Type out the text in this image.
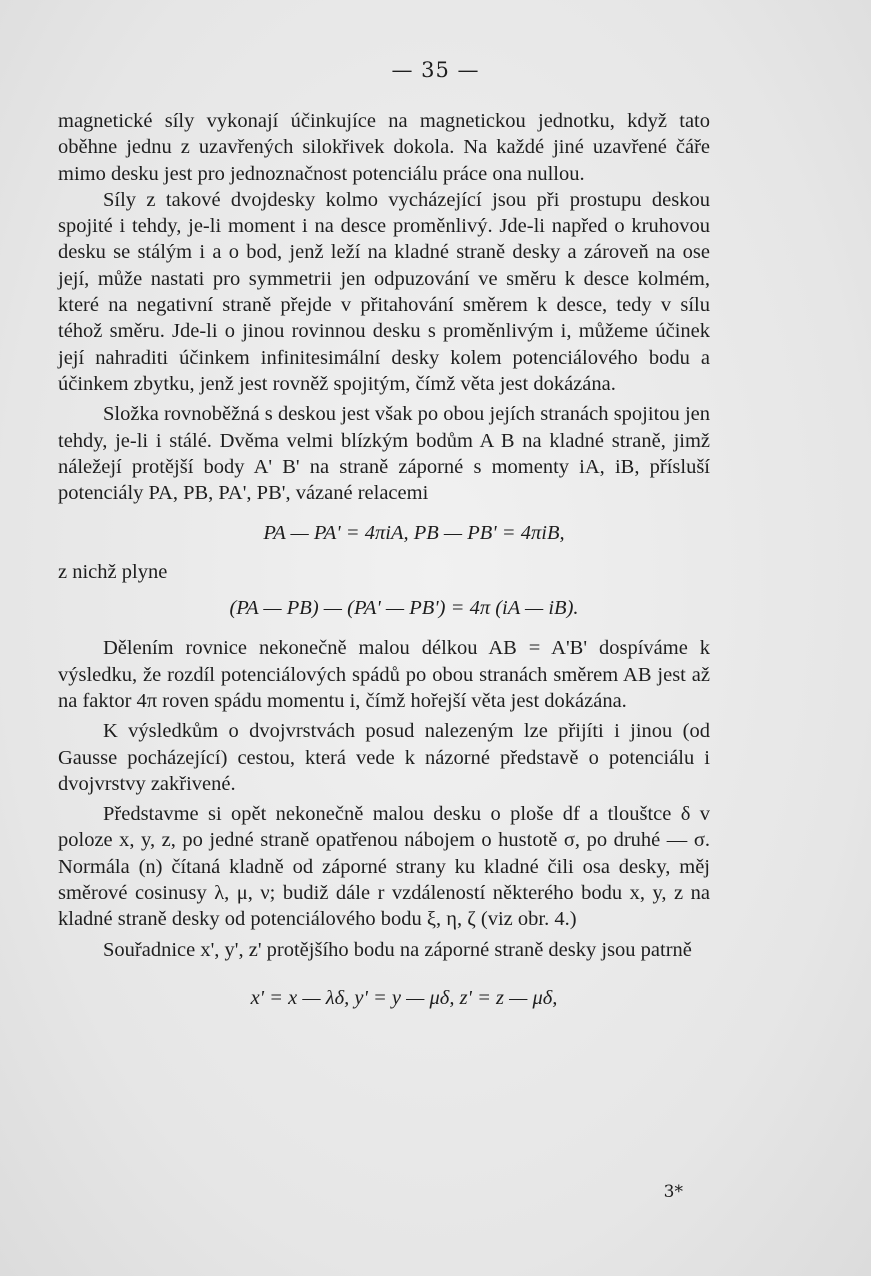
— 35 —

magnetické síly vykonají účinkujíce na magnetickou jednotku, když tato oběhne jednu z uzavřených silokřivek dokola. Na každé jiné uzavřené čáře mimo desku jest pro jednoznačnost potenciálu práce ona nullou.

Síly z takové dvojdesky kolmo vycházející jsou při prostupu deskou spojité i tehdy, je-li moment i na desce proměnlivý. Jde-li napřed o kruhovou desku se stálým i a o bod, jenž leží na kladné straně desky a zároveň na ose její, může nastati pro symmetrii jen odpuzování ve směru k desce kolmém, které na negativní straně přejde v přitahování směrem k desce, tedy v sílu téhož směru. Jde-li o jinou rovinnou desku s proměnlivým i, můžeme účinek její nahraditi účinkem infinitesimální desky kolem potenciálového bodu a účinkem zbytku, jenž jest rovněž spojitým, čímž věta jest dokázána.

Složka rovnoběžná s deskou jest však po obou jejích stranách spojitou jen tehdy, je-li i stálé. Dvěma velmi blízkým bodům A B na kladné straně, jimž náležejí protější body A' B' na straně záporné s momenty iA, iB, přísluší potenciály PA, PB, PA', PB', vázané relacemi

PA — PA' = 4πiA, PB — PB' = 4πiB,

z nichž plyne

(PA — PB) — (PA' — PB') = 4π (iA — iB).

Dělením rovnice nekonečně malou délkou AB = A'B' dospíváme k výsledku, že rozdíl potenciálových spádů po obou stranách směrem AB jest až na faktor 4π roven spádu momentu i, čímž hořejší věta jest dokázána.

K výsledkům o dvojvrstvách posud nalezeným lze přijíti i jinou (od Gausse pocházející) cestou, která vede k názorné představě o potenciálu i dvojvrstvy zakřivené.

Představme si opět nekonečně malou desku o ploše df a tlouštce δ v poloze x, y, z, po jedné straně opatřenou nábojem o hustotě σ, po druhé — σ. Normála (n) čítaná kladně od záporné strany ku kladné čili osa desky, měj směrové cosinusy λ, μ, ν; budiž dále r vzdáleností některého bodu x, y, z na kladné straně desky od potenciálového bodu ξ, η, ζ (viz obr. 4.)

Souřadnice x', y', z' protějšího bodu na záporné straně desky jsou patrně

x' = x — λδ, y' = y — μδ, z' = z — μδ,
3*
